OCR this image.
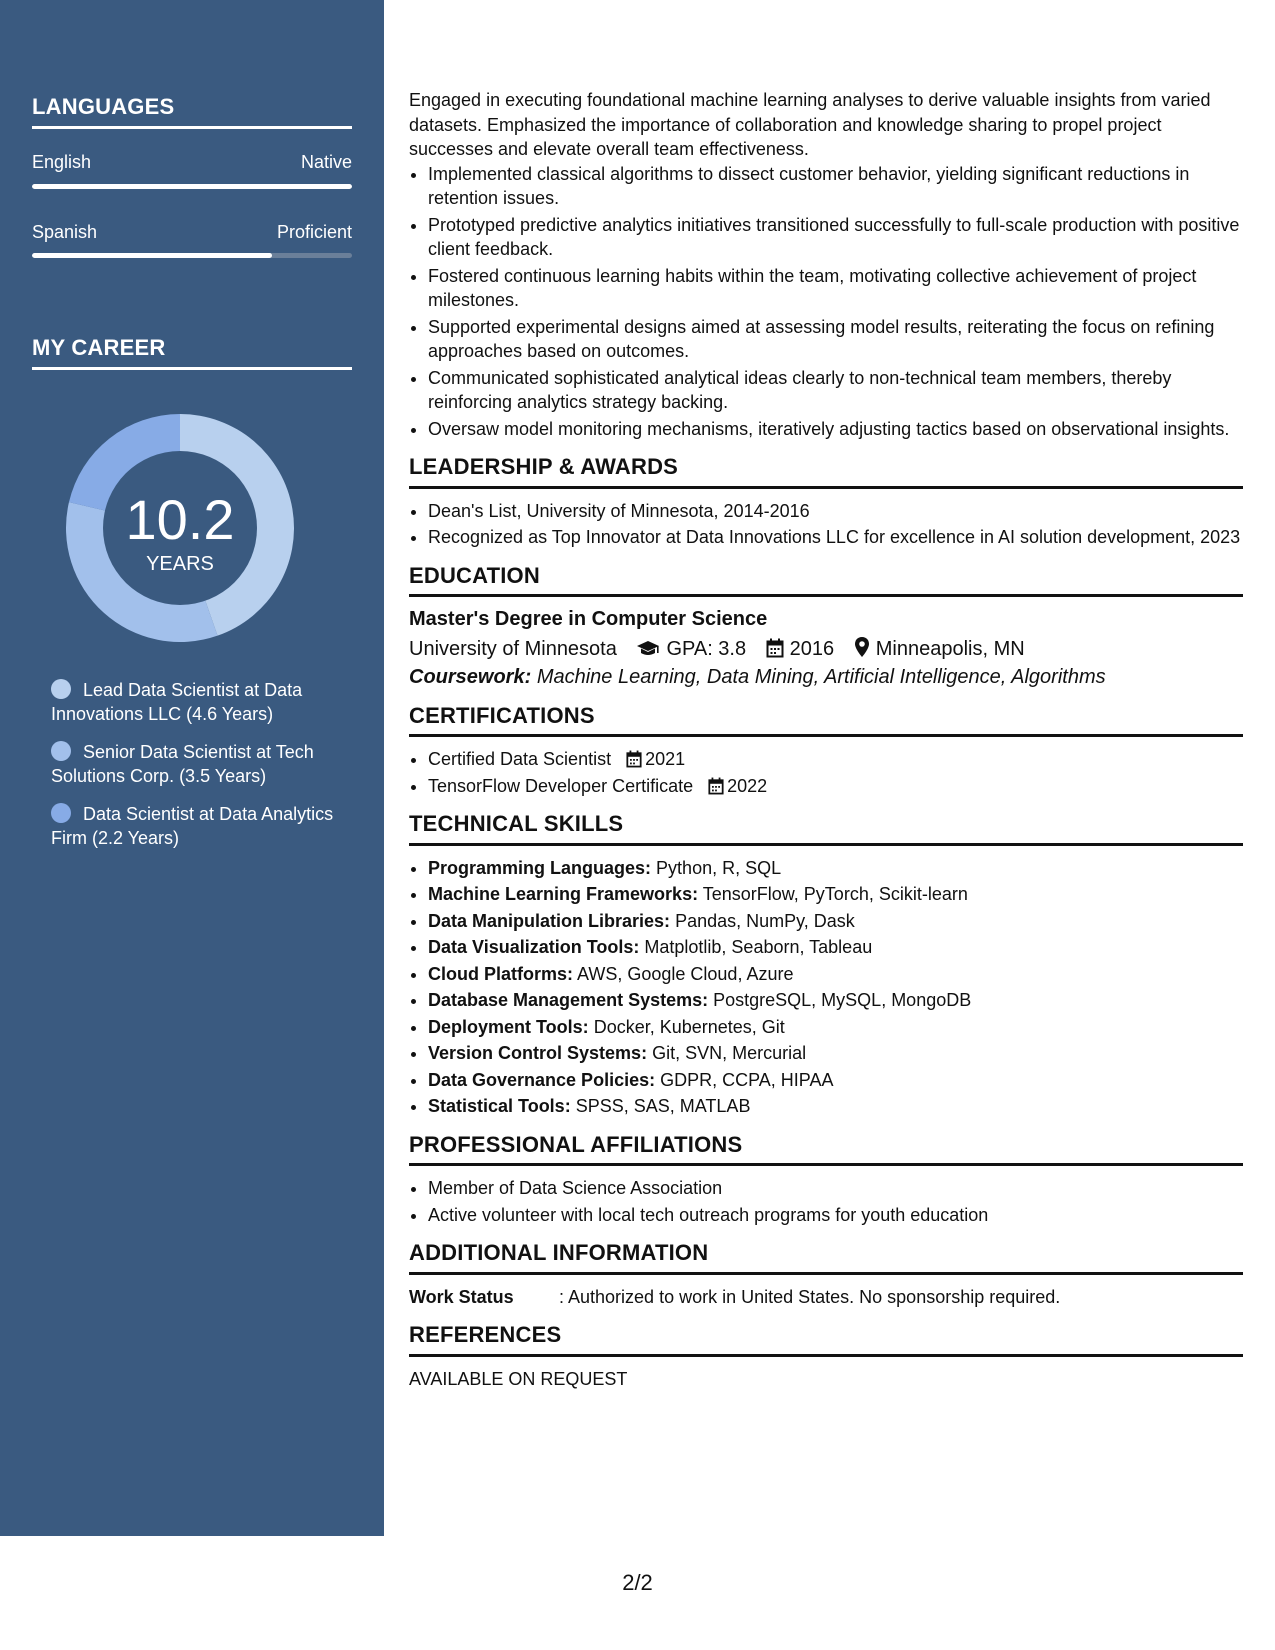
LANGUAGES
English	Native
Spanish	Proficient
MY CAREER
10.2
YEARS
Lead Data Scientist at Data Innovations LLC (4.6 Years)
Senior Data Scientist at Tech Solutions Corp. (3.5 Years)
Data Scientist at Data Analytics Firm (2.2 Years)

Engaged in executing foundational machine learning analyses to derive valuable insights from varied datasets. Emphasized the importance of collaboration and knowledge sharing to propel project successes and elevate overall team effectiveness.

• Implemented classical algorithms to dissect customer behavior, yielding significant reductions in retention issues.
• Prototyped predictive analytics initiatives transitioned successfully to full-scale production with positive client feedback.
• Fostered continuous learning habits within the team, motivating collective achievement of project milestones.
• Supported experimental designs aimed at assessing model results, reiterating the focus on refining approaches based on outcomes.
• Communicated sophisticated analytical ideas clearly to non-technical team members, thereby reinforcing analytics strategy backing.
• Oversaw model monitoring mechanisms, iteratively adjusting tactics based on observational insights.
LEADERSHIP & AWARDS
• Dean's List, University of Minnesota, 2014-2016
• Recognized as Top Innovator at Data Innovations LLC for excellence in AI solution development, 2023
EDUCATION
Master's Degree in Computer Science
University of Minnesota GPA: 3.8 2016 Minneapolis, MN
Coursework: Machine Learning, Data Mining, Artificial Intelligence, Algorithms
CERTIFICATIONS
• Certified Data Scientist 2021
• TensorFlow Developer Certificate 2022
TECHNICAL SKILLS
• Programming Languages: Python, R, SQL
• Machine Learning Frameworks: TensorFlow, PyTorch, Scikit-learn
• Data Manipulation Libraries: Pandas, NumPy, Dask
• Data Visualization Tools: Matplotlib, Seaborn, Tableau
• Cloud Platforms: AWS, Google Cloud, Azure
• Database Management Systems: PostgreSQL, MySQL, MongoDB
• Deployment Tools: Docker, Kubernetes, Git
• Version Control Systems: Git, SVN, Mercurial
• Data Governance Policies: GDPR, CCPA, HIPAA
• Statistical Tools: SPSS, SAS, MATLAB
PROFESSIONAL AFFILIATIONS
• Member of Data Science Association
• Active volunteer with local tech outreach programs for youth education
ADDITIONAL INFORMATION
Work Status	: Authorized to work in United States. No sponsorship required.
REFERENCES
AVAILABLE ON REQUEST
2/2
